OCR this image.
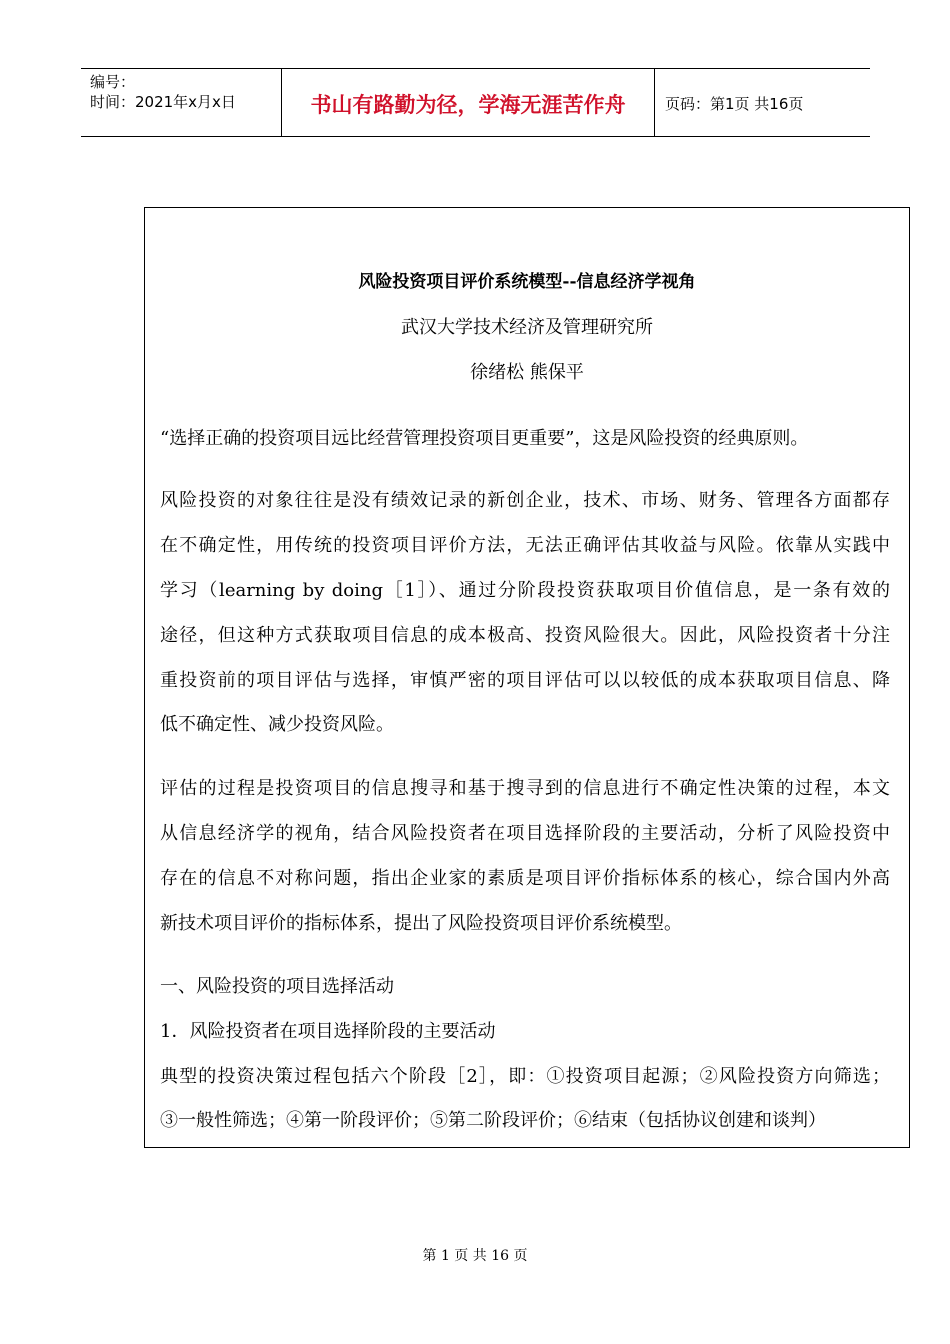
编号：
时间：2021年x月x日	书山有路勤为径，学海无涯苦作舟	页码：第1页 共16页
风险投资项目评价系统模型--信息经济学视角
武汉大学技术经济及管理研究所
徐绪松 熊保平
“选择正确的投资项目远比经营管理投资项目更重要”，这是风险投资的经典原则。
风险投资的对象往往是没有绩效记录的新创企业，技术、市场、财务、管理各方面都存
在不确定性，用传统的投资项目评价方法，无法正确评估其收益与风险。依靠从实践中
学习（learning by doing［1］）、通过分阶段投资获取项目价值信息，是一条有效的
途径，但这种方式获取项目信息的成本极高、投资风险很大。因此，风险投资者十分注
重投资前的项目评估与选择，审慎严密的项目评估可以以较低的成本获取项目信息、降
低不确定性、减少投资风险。
评估的过程是投资项目的信息搜寻和基于搜寻到的信息进行不确定性决策的过程，本文
从信息经济学的视角，结合风险投资者在项目选择阶段的主要活动，分析了风险投资中
存在的信息不对称问题，指出企业家的素质是项目评价指标体系的核心，综合国内外高
新技术项目评价的指标体系，提出了风险投资项目评价系统模型。
一、风险投资的项目选择活动
1．风险投资者在项目选择阶段的主要活动
典型的投资决策过程包括六个阶段［2］，即：①投资项目起源；②风险投资方向筛选；
③一般性筛选；④第一阶段评价；⑤第二阶段评价；⑥结束（包括协议创建和谈判）
第 1 页 共 16 页
